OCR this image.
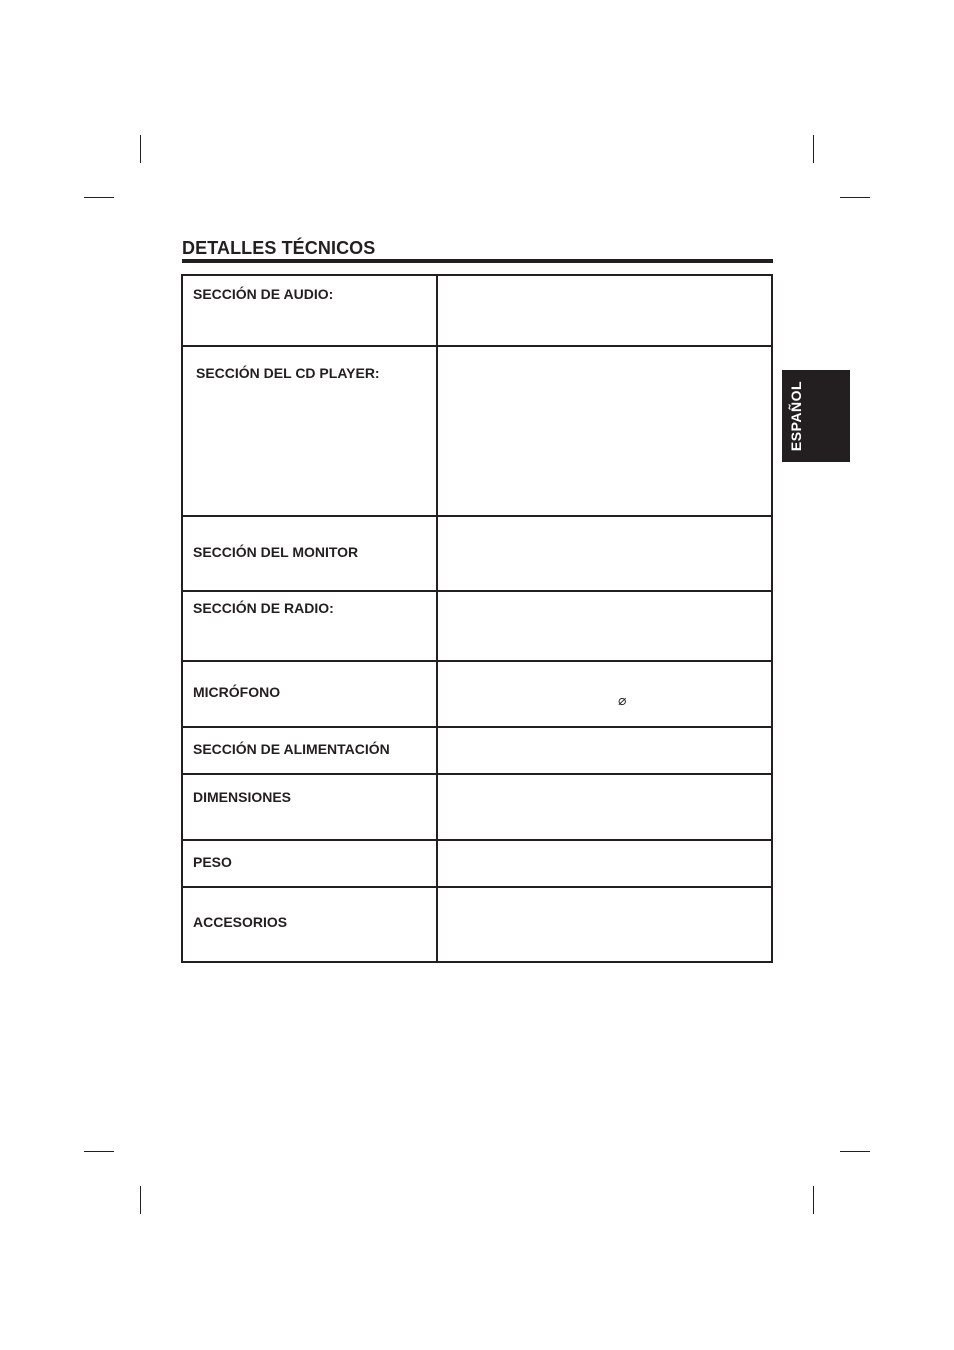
DETALLES TÉCNICOS
SECCIÓN DE AUDIO:	

SECCIÓN DEL CD PLAYER:	

SECCIÓN DEL MONITOR	

SECCIÓN DE RADIO:	

MICRÓFONO	⌀

SECCIÓN DE ALIMENTACIÓN	

DIMENSIONES	

PESO	

ACCESORIOS	

ESPAÑOL
